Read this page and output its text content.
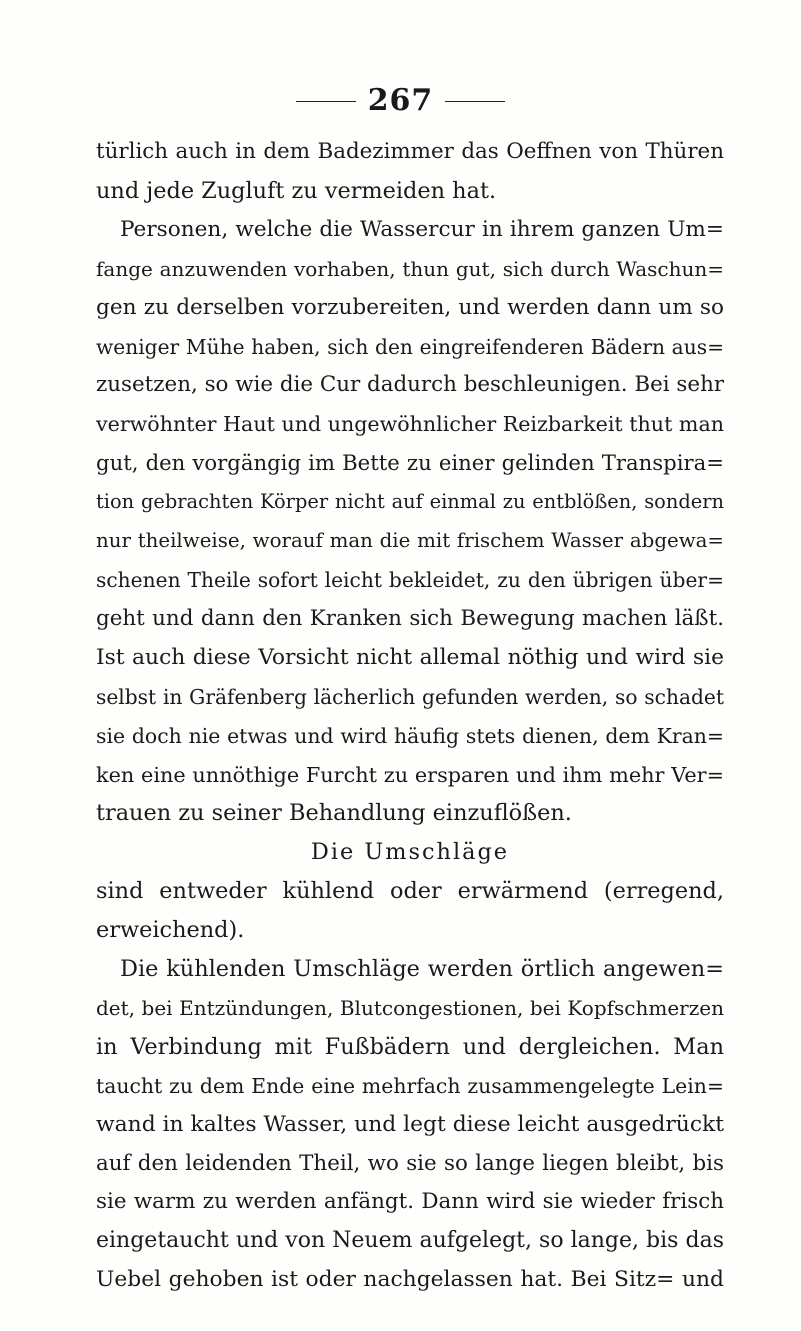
267
türlich auch in dem Badezimmer das Oeffnen von Thüren
und jede Zugluft zu vermeiden hat.
Personen, welche die Wassercur in ihrem ganzen Um=
fange anzuwenden vorhaben, thun gut, sich durch Waschun=
gen zu derselben vorzubereiten, und werden dann um so
weniger Mühe haben, sich den eingreifenderen Bädern aus=
zusetzen, so wie die Cur dadurch beschleunigen. Bei sehr
verwöhnter Haut und ungewöhnlicher Reizbarkeit thut man
gut, den vorgängig im Bette zu einer gelinden Transpira=
tion gebrachten Körper nicht auf einmal zu entblößen, sondern
nur theilweise, worauf man die mit frischem Wasser abgewa=
schenen Theile sofort leicht bekleidet, zu den übrigen über=
geht und dann den Kranken sich Bewegung machen läßt.
Ist auch diese Vorsicht nicht allemal nöthig und wird sie
selbst in Gräfenberg lächerlich gefunden werden, so schadet
sie doch nie etwas und wird häufig stets dienen, dem Kran=
ken eine unnöthige Furcht zu ersparen und ihm mehr Ver=
trauen zu seiner Behandlung einzuflößen.
Die Umschläge
sind entweder kühlend oder erwärmend (erregend,
erweichend).
Die kühlenden Umschläge werden örtlich angewen=
det, bei Entzündungen, Blutcongestionen, bei Kopfschmerzen
in Verbindung mit Fußbädern und dergleichen. Man
taucht zu dem Ende eine mehrfach zusammengelegte Lein=
wand in kaltes Wasser, und legt diese leicht ausgedrückt
auf den leidenden Theil, wo sie so lange liegen bleibt, bis
sie warm zu werden anfängt. Dann wird sie wieder frisch
eingetaucht und von Neuem aufgelegt, so lange, bis das
Uebel gehoben ist oder nachgelassen hat. Bei Sitz= und
